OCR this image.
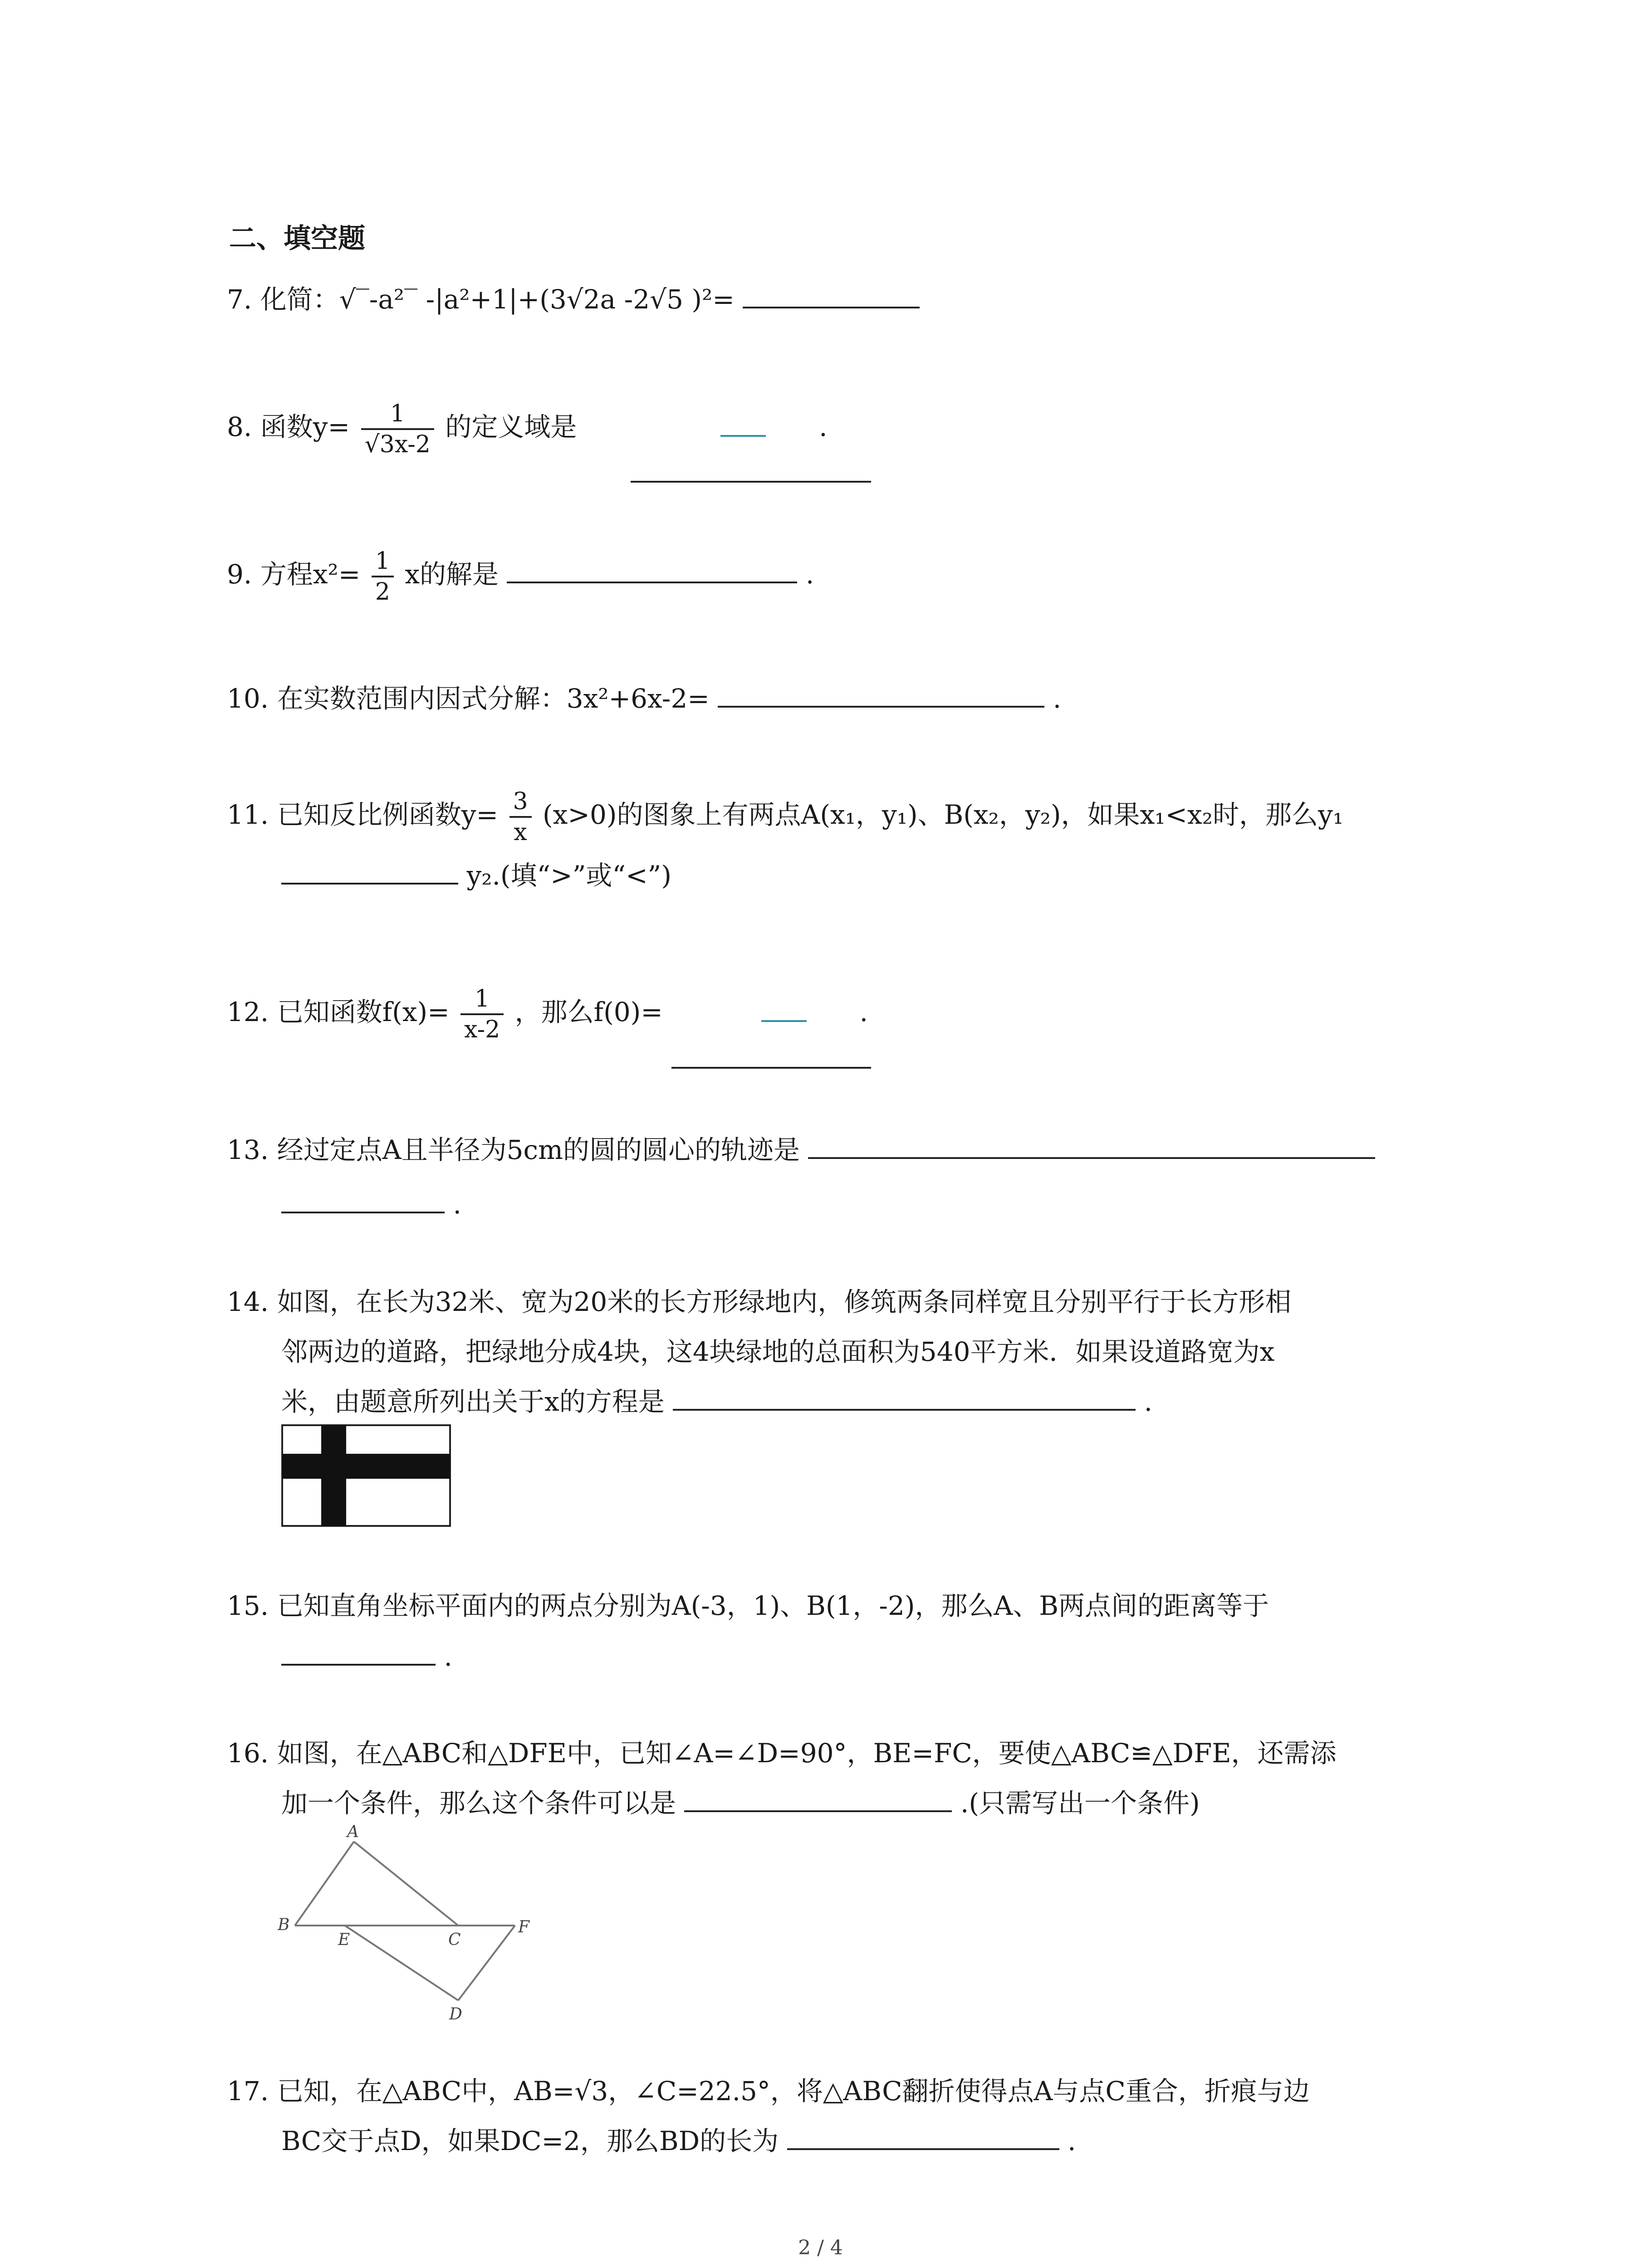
二、填空题
7. 化简：√‾-a²‾ -|a²+1|+(3√2a -2√5 )²=
8. 函数$y= \frac{1}{√3x-2}$ 的定义域是	.
9. 方程$x^2= \frac{1}{2}$ x的解是	.
10. 在实数范围内因式分解：3x²+6x-2=	.
11. 已知反比例函数$y= \frac{3}{x} (x>0)$的图象上有两点A(x₁，y₁)、B(x₂，y₂)，如果x₁<x₂时，那么y₁
y₂.(填“>”或“<”)
12. 已知函数$f(x)= \frac{1}{x-2}$ ，那么f(0)=	.
13. 经过定点A且半径为5cm的圆的圆心的轨迹是
.
14. 如图，在长为32米、宽为20米的长方形绿地内，修筑两条同样宽且分别平行于长方形相
邻两边的道路，把绿地分成4块，这4块绿地的总面积为540平方米．如果设道路宽为x
米，由题意所列出关于x的方程是	.
15. 已知直角坐标平面内的两点分别为A(-3，1)、B(1，-2)，那么A、B两点间的距离等于
.
16. 如图，在△ABC和△DFE中，已知∠A=∠D=90°，BE=FC，要使△ABC≌△DFE，还需添
加一个条件，那么这个条件可以是	.(只需写出一个条件)
A
B
E	C
F
D
17. 已知，在△ABC中，AB=√3，∠C=22.5°，将△ABC翻折使得点A与点C重合，折痕与边
BC交于点D，如果DC=2，那么BD的长为	.
2 / 4
